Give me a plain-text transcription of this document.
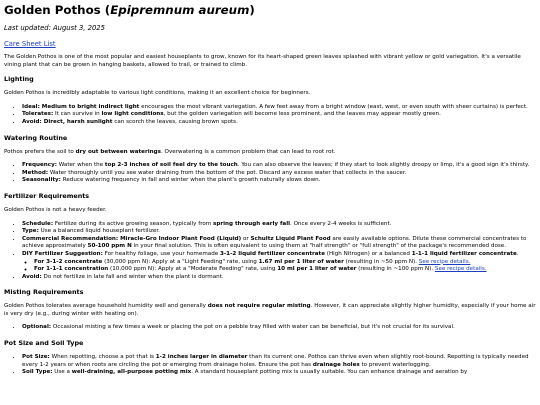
Golden Pothos (Epipremnum aureum)
Last updated: August 3, 2025
Care Sheet List

The Golden Pothos is one of the most popular and easiest houseplants to grow, known for its heart-shaped green leaves splashed with vibrant yellow or gold variegation. It's a versatile vining plant that can be grown in hanging baskets, allowed to trail, or trained to climb.

Lighting

Golden Pothos is incredibly adaptable to various light conditions, making it an excellent choice for beginners.

• Ideal: Medium to bright indirect light encourages the most vibrant variegation. A few feet away from a bright window (east, west, or even south with sheer curtains) is perfect.
• Tolerates: It can survive in low light conditions, but the golden variegation will become less prominent, and the leaves may appear mostly green.
• Avoid: Direct, harsh sunlight can scorch the leaves, causing brown spots.
Watering Routine

Pothos prefers the soil to dry out between waterings. Overwatering is a common problem that can lead to root rot.

• Frequency: Water when the top 2-3 inches of soil feel dry to the touch. You can also observe the leaves; if they start to look slightly droopy or limp, it's a good sign it's thirsty.
• Method: Water thoroughly until you see water draining from the bottom of the pot. Discard any excess water that collects in the saucer.
• Seasonality: Reduce watering frequency in fall and winter when the plant's growth naturally slows down.
Fertilizer Requirements

Golden Pothos is not a heavy feeder.

• Schedule: Fertilize during its active growing season, typically from spring through early fall. Once every 2-4 weeks is sufficient.
• Type: Use a balanced liquid houseplant fertilizer.
• Commercial Recommendation: Miracle-Gro Indoor Plant Food (Liquid) or Schultz Liquid Plant Food are easily available options. Dilute these commercial concentrates to achieve approximately 50-100 ppm N in your final solution. This is often equivalent to using them at "half strength" or "full strength" of the package's recommended dose.
• DIY Fertilizer Suggestion: For healthy foliage, use your homemade 3-1-2 liquid fertilizer concentrate (High Nitrogen) or a balanced 1-1-1 liquid fertilizer concentrate.
◦ For 3-1-2 concentrate (30,000 ppm N): Apply at a "Light Feeding" rate, using 1.67 ml per 1 liter of water (resulting in ~50 ppm N). See recipe details.
◦ For 1-1-1 concentration (10,000 ppm N): Apply at a "Moderate Feeding" rate, using 10 ml per 1 liter of water (resulting in ~100 ppm N). See recipe details.
• Avoid: Do not fertilize in late fall and winter when the plant is dormant.
Misting Requirements

Golden Pothos tolerates average household humidity well and generally does not require regular misting. However, it can appreciate slightly higher humidity, especially if your home air is very dry (e.g., during winter with heating on).

• Optional: Occasional misting a few times a week or placing the pot on a pebble tray filled with water can be beneficial, but it's not crucial for its survival.
Pot Size and Soil Type
• Pot Size: When repotting, choose a pot that is 1-2 inches larger in diameter than its current one. Pothos can thrive even when slightly root-bound. Repotting is typically needed every 1-2 years or when roots are circling the pot or emerging from drainage holes. Ensure the pot has drainage holes to prevent waterlogging.
• Soil Type: Use a well-draining, all-purpose potting mix. A standard houseplant potting mix is usually suitable. You can enhance drainage and aeration by
